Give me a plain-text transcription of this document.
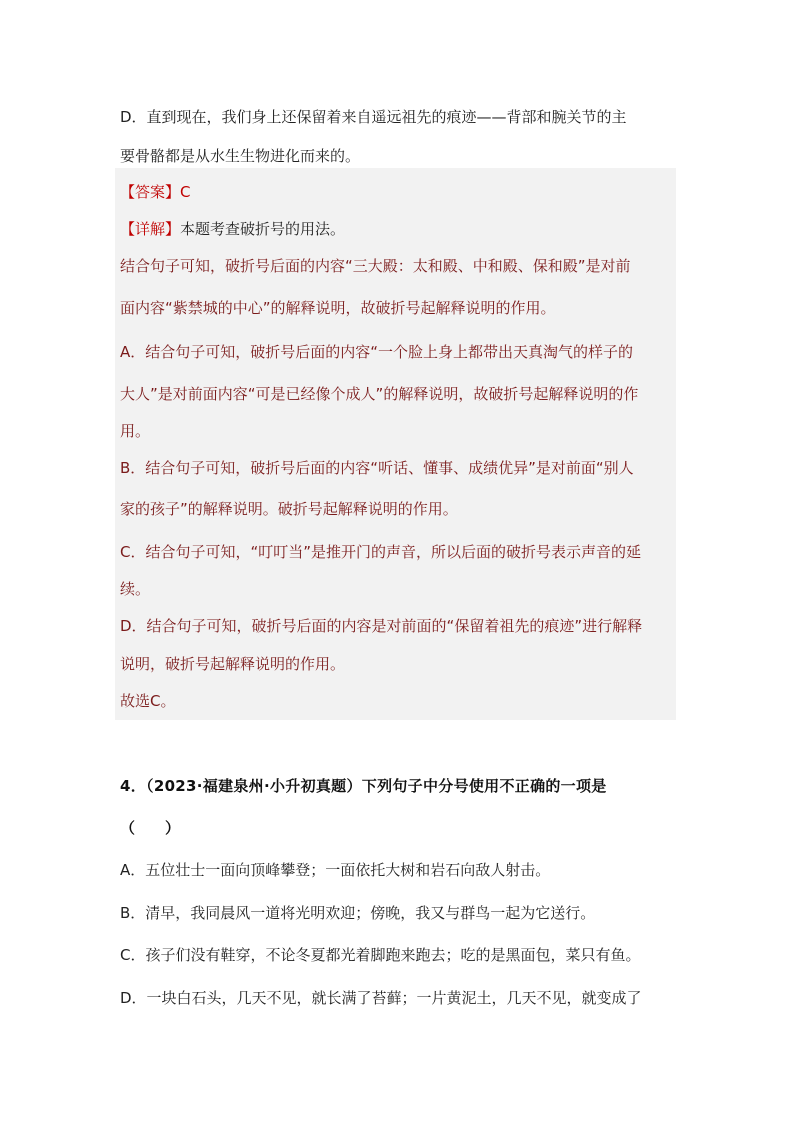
D．直到现在，我们身上还保留着来自遥远祖先的痕迹——背部和腕关节的主
要骨骼都是从水生生物进化而来的。
【答案】C
【详解】本题考查破折号的用法。
结合句子可知，破折号后面的内容“三大殿：太和殿、中和殿、保和殿”是对前
面内容“紫禁城的中心”的解释说明，故破折号起解释说明的作用。
A．结合句子可知，破折号后面的内容“一个脸上身上都带出天真淘气的样子的
大人”是对前面内容“可是已经像个成人”的解释说明，故破折号起解释说明的作
用。
B．结合句子可知，破折号后面的内容“听话、懂事、成绩优异”是对前面“别人
家的孩子”的解释说明。破折号起解释说明的作用。
C．结合句子可知，“叮叮当”是推开门的声音，所以后面的破折号表示声音的延
续。
D．结合句子可知，破折号后面的内容是对前面的“保留着祖先的痕迹”进行解释
说明，破折号起解释说明的作用。
故选C。
4．（2023·福建泉州·小升初真题）下列句子中分号使用不正确的一项是
（　　）
A．五位壮士一面向顶峰攀登；一面依托大树和岩石向敌人射击。
B．清早，我同晨风一道将光明欢迎；傍晚，我又与群鸟一起为它送行。
C．孩子们没有鞋穿，不论冬夏都光着脚跑来跑去；吃的是黑面包，菜只有鱼。
D．一块白石头，几天不见，就长满了苔藓；一片黄泥土，几天不见，就变成了
